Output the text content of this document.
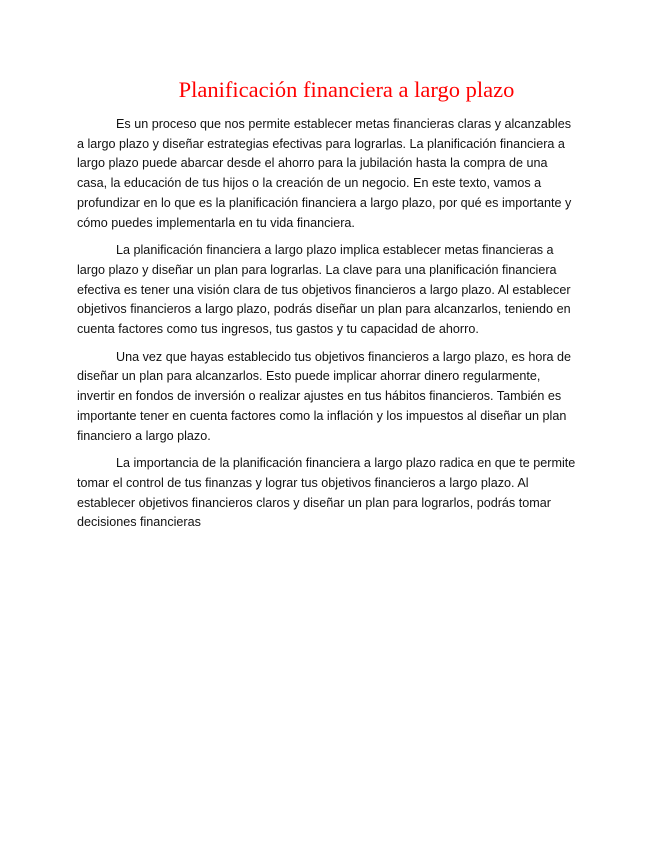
Planificación financiera a largo plazo

Es un proceso que nos permite establecer metas financieras claras y alcanzables a largo plazo y diseñar estrategias efectivas para lograrlas. La planificación financiera a largo plazo puede abarcar desde el ahorro para la jubilación hasta la compra de una casa, la educación de tus hijos o la creación de un negocio. En este texto, vamos a profundizar en lo que es la planificación financiera a largo plazo, por qué es importante y cómo puedes implementarla en tu vida financiera.

La planificación financiera a largo plazo implica establecer metas financieras a largo plazo y diseñar un plan para lograrlas. La clave para una planificación financiera efectiva es tener una visión clara de tus objetivos financieros a largo plazo. Al establecer objetivos financieros a largo plazo, podrás diseñar un plan para alcanzarlos, teniendo en cuenta factores como tus ingresos, tus gastos y tu capacidad de ahorro.

Una vez que hayas establecido tus objetivos financieros a largo plazo, es hora de diseñar un plan para alcanzarlos. Esto puede implicar ahorrar dinero regularmente, invertir en fondos de inversión o realizar ajustes en tus hábitos financieros. También es importante tener en cuenta factores como la inflación y los impuestos al diseñar un plan financiero a largo plazo.

La importancia de la planificación financiera a largo plazo radica en que te permite tomar el control de tus finanzas y lograr tus objetivos financieros a largo plazo. Al establecer objetivos financieros claros y diseñar un plan para lograrlos, podrás tomar decisiones financieras
